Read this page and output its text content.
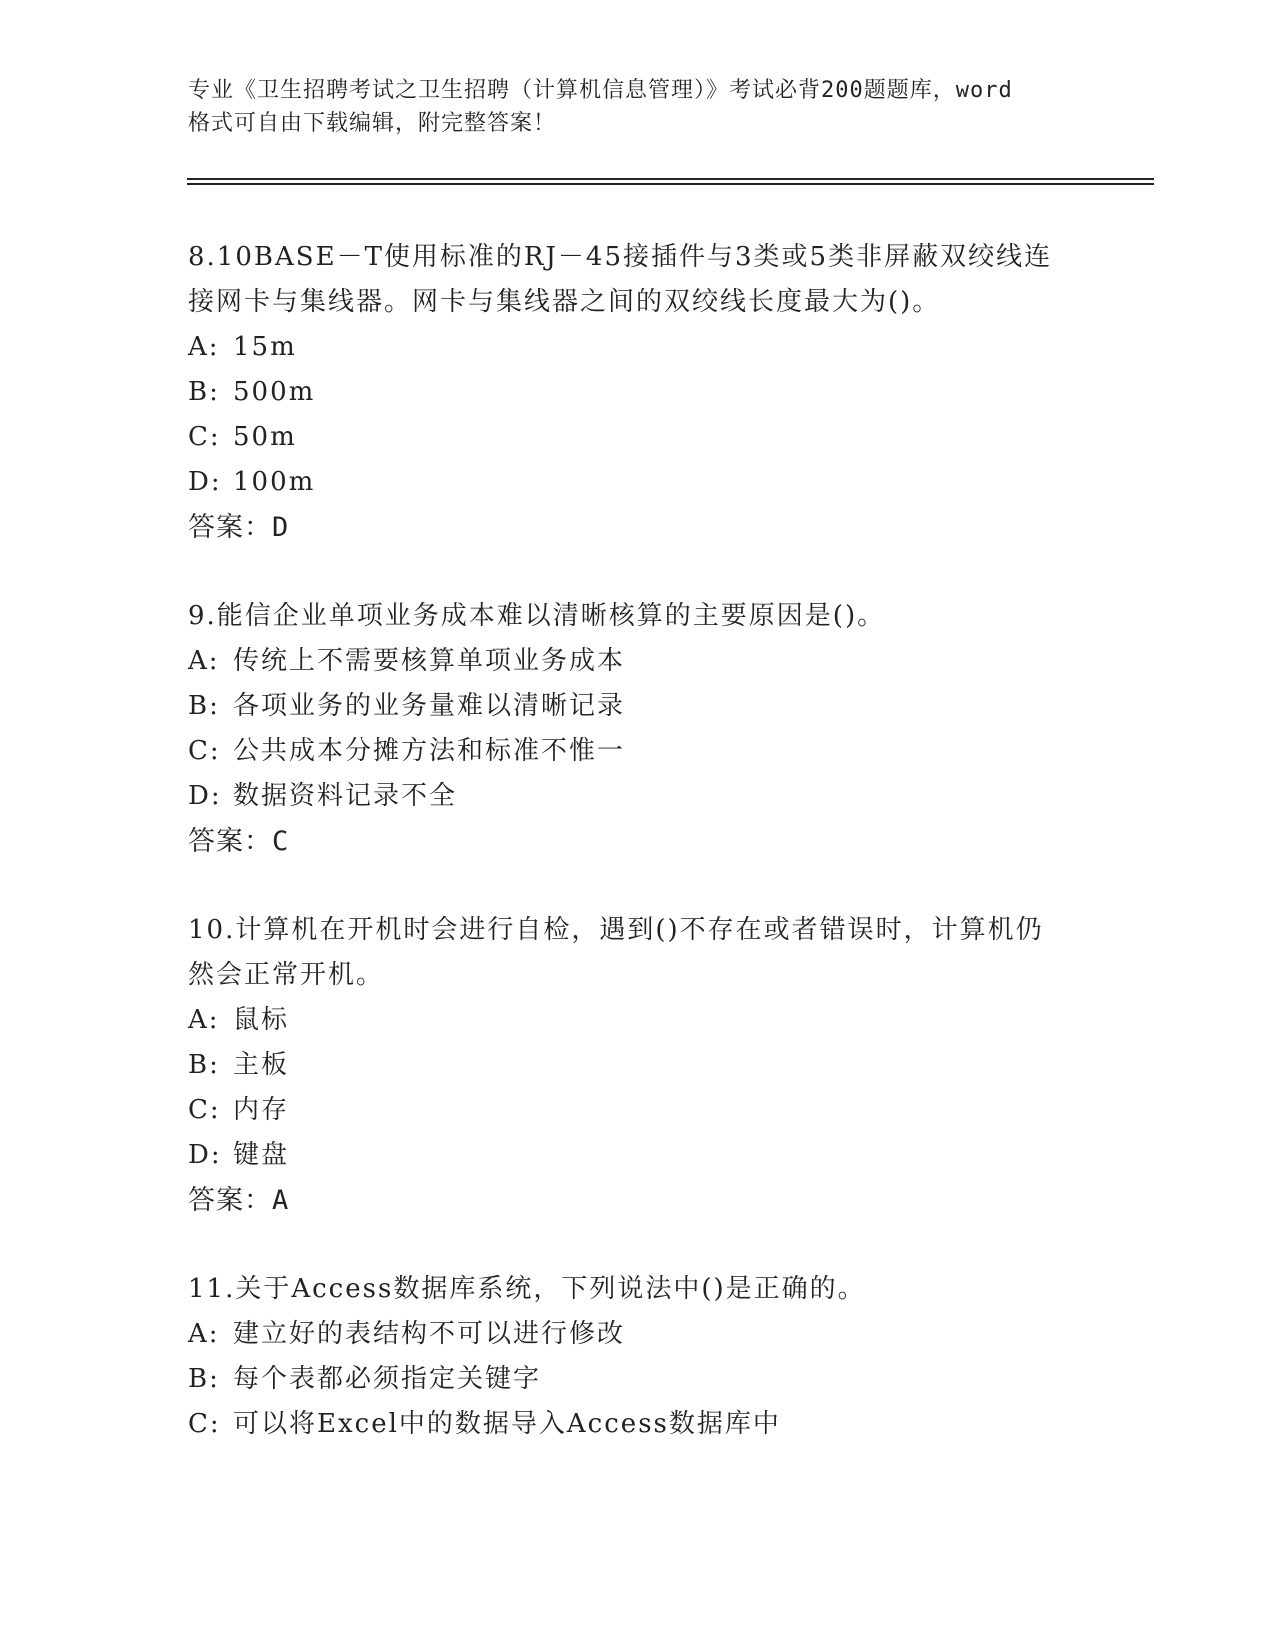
专业《卫生招聘考试之卫生招聘（计算机信息管理）》考试必背200题题库，word
格式可自由下载编辑，附完整答案！

8.10BASE－T使用标准的RJ－45接插件与3类或5类非屏蔽双绞线连

接网卡与集线器。网卡与集线器之间的双绞线长度最大为()。

A: 15m

B: 500m

C: 50m

D: 100m

答案：D

9.能信企业单项业务成本难以清晰核算的主要原因是()。

A: 传统上不需要核算单项业务成本

B: 各项业务的业务量难以清晰记录

C: 公共成本分摊方法和标准不惟一

D: 数据资料记录不全

答案：C

10.计算机在开机时会进行自检，遇到()不存在或者错误时，计算机仍

然会正常开机。

A: 鼠标

B: 主板

C: 内存

D: 键盘

答案：A

11.关于Access数据库系统，下列说法中()是正确的。

A: 建立好的表结构不可以进行修改

B: 每个表都必须指定关键字

C: 可以将Excel中的数据导入Access数据库中
